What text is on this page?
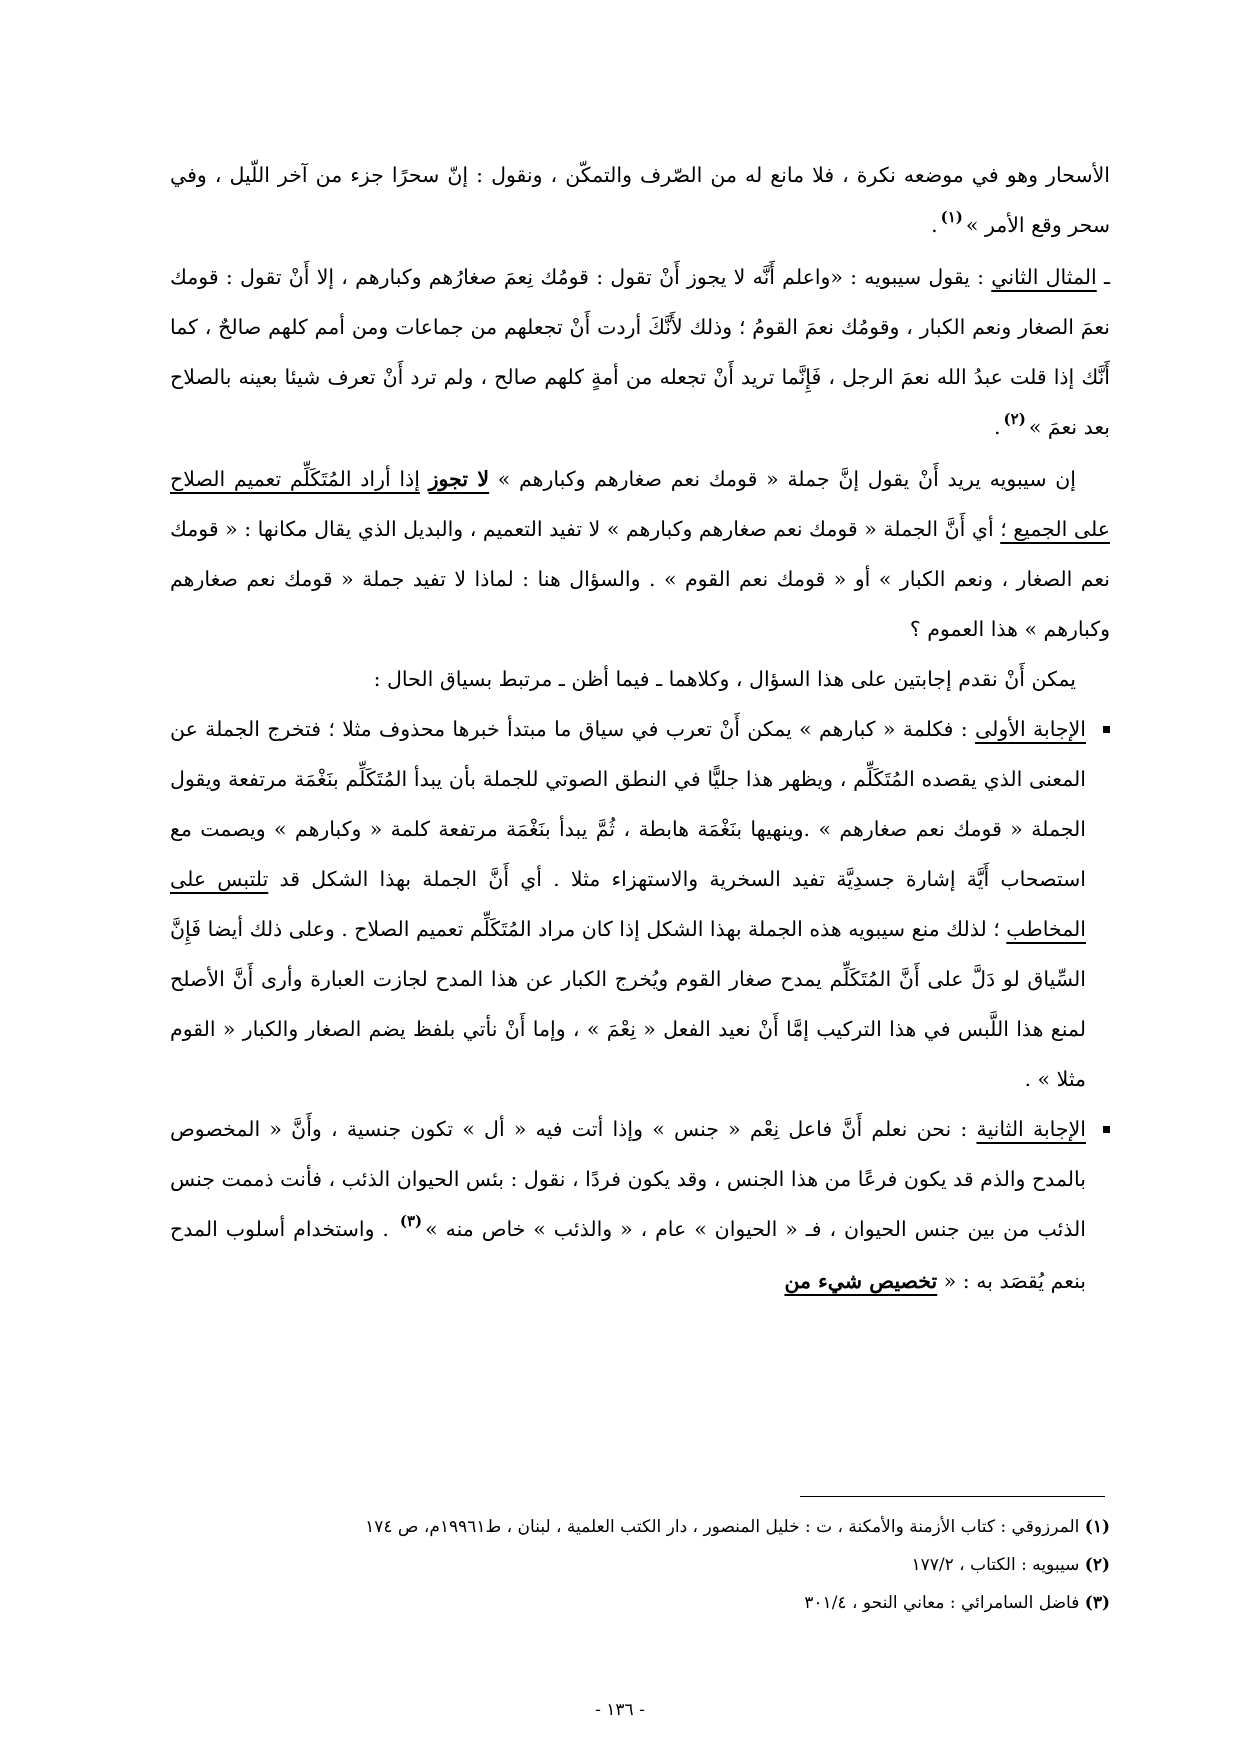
الأسحار وهو في موضعه نكرة ، فلا مانع له من الصّرف والتمكّن ، ونقول : إنّ سحرًا جزء من آخر اللّيل ، وفي سحر وقع الأمر »$^{(١)}$.

ـ المثال الثاني : يقول سيبويه : «واعلم أَنَّه لا يجوز أَنْ تقول : قومُك نِعمَ صغارُهم وكبارهم ، إلا أَنْ تقول : قومك نعمَ الصغار ونعم الكبار ، وقومُك نعمَ القومُ ؛ وذلك لأَنَّكَ أردت أَنْ تجعلهم من جماعات ومن أمم كلهم صالحٌ ، كما أَنَّك إذا قلت عبدُ الله نعمَ الرجل ، فَإِنَّما تريد أَنْ تجعله من أمةٍ كلهم صالح ، ولم ترد أَنْ تعرف شيئا بعينه بالصلاح بعد نعمَ »$^{(٢)}$.

إن سيبويه يريد أَنْ يقول إنَّ جملة « قومك نعم صغارهم وكبارهم » لا تجوز إذا أراد المُتَكَلِّم تعميم الصلاح على الجميع ؛ أي أَنَّ الجملة « قومك نعم صغارهم وكبارهم » لا تفيد التعميم ، والبديل الذي يقال مكانها : « قومك نعم الصغار ، ونعم الكبار » أو « قومك نعم القوم » . والسؤال هنا : لماذا لا تفيد جملة « قومك نعم صغارهم وكبارهم » هذا العموم ؟

يمكن أَنْ نقدم إجابتين على هذا السؤال ، وكلاهما ـ فيما أظن ـ مرتبط بسياق الحال :

الإجابة الأولى : فكلمة « كبارهم » يمكن أَنْ تعرب في سياق ما مبتدأ خبرها محذوف مثلا ؛ فتخرج الجملة عن المعنى الذي يقصده المُتَكَلِّم ، ويظهر هذا جليًّا في النطق الصوتي للجملة بأن يبدأ المُتَكَلِّم بنَغْمَة مرتفعة ويقول الجملة « قومك نعم صغارهم » .وينهيها بنَغْمَة هابطة ، ثُمَّ يبدأ بنَغْمَة مرتفعة كلمة « وكبارهم » ويصمت مع استصحاب أَيَّة إشارة جسدِيَّة تفيد السخرية والاستهزاء مثلا . أي أَنَّ الجملة بهذا الشكل قد تلتبس على المخاطب ؛ لذلك منع سيبويه هذه الجملة بهذا الشكل إذا كان مراد المُتَكَلِّم تعميم الصلاح . وعلى ذلك أيضا فَإِنَّ السِّياق لو دَلَّ على أَنَّ المُتَكَلِّم يمدح صغار القوم ويُخرج الكبار عن هذا المدح لجازت العبارة وأرى أَنَّ الأصلح لمنع هذا اللَّبس في هذا التركيب إمَّا أَنْ نعيد الفعل « نِعْمَ » ، وإما أَنْ نأتي بلفظ يضم الصغار والكبار « القوم مثلا » .
الإجابة الثانية : نحن نعلم أَنَّ فاعل نِعْم « جنس » وإذا أتت فيه « أل » تكون جنسية ، وأَنَّ « المخصوص بالمدح والذم قد يكون فرعًا من هذا الجنس ، وقد يكون فردًا ، نقول : بئس الحيوان الذئب ، فأنت ذممت جنس الذئب من بين جنس الحيوان ، فـ « الحيوان » عام ، « والذئب » خاص منه »$^{(٣)}$ . واستخدام أسلوب المدح بنعم يُقصَد به : « تخصيص شيء من

(١) المرزوقي : كتاب الأزمنة والأمكنة ، ت : خليل المنصور ، دار الكتب العلمية ، لبنان ، ط١٩٩٦١م، ص ١٧٤

(٢) سيبويه : الكتاب ، ١٧٧/٢

(٣) فاضل السامرائي : معاني النحو ، ٣٠١/٤

- ١٣٦ -
